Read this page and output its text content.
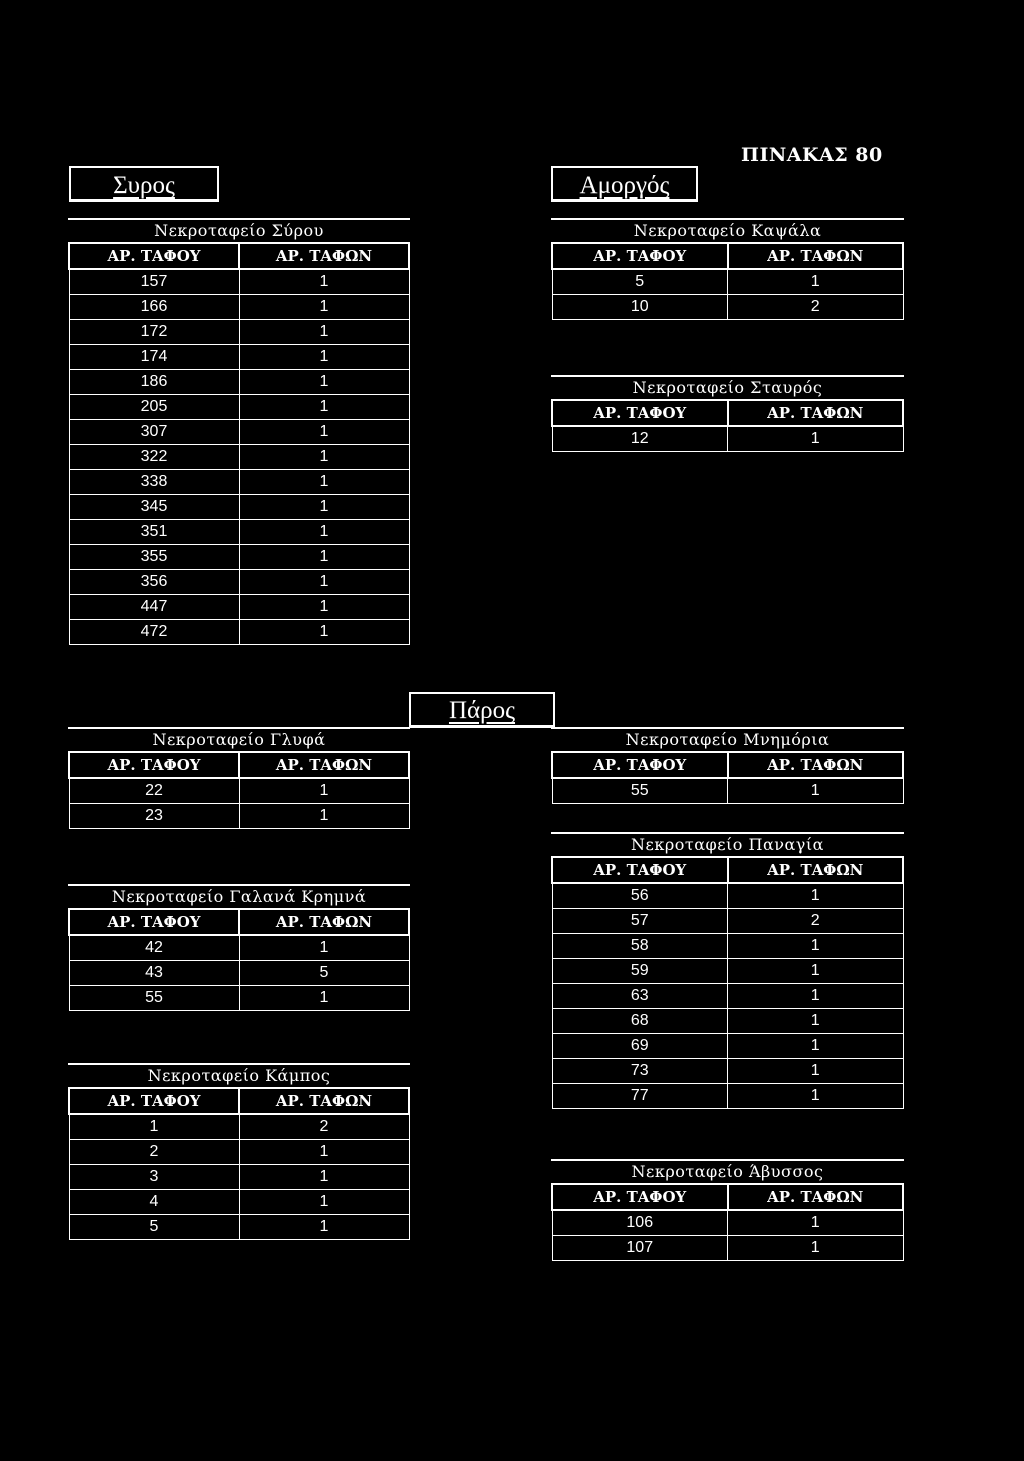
ΠΙΝΑΚΑΣ 80
Συρος	Αμοργός
Πάρος
Νεκροταφείο Σύρου
ΑΡ. ΤΑΦΟΥ	ΑΡ. ΤΑΦΩΝ
157	1
166	1
172	1
174	1
186	1
205	1
307	1
322	1
338	1
345	1
351	1
355	1
356	1
447	1
472	1
Νεκροταφείο Καψάλα
ΑΡ. ΤΑΦΟΥ	ΑΡ. ΤΑΦΩΝ
5	1
10	2
Νεκροταφείο Σταυρός
ΑΡ. ΤΑΦΟΥ	ΑΡ. ΤΑΦΩΝ
12	1
Νεκροταφείο Γλυφά
ΑΡ. ΤΑΦΟΥ	ΑΡ. ΤΑΦΩΝ
22	1
23	1
Νεκροταφείο Γαλανά Κρημνά
ΑΡ. ΤΑΦΟΥ	ΑΡ. ΤΑΦΩΝ
42	1
43	5
55	1
Νεκροταφείο Κάμπος
ΑΡ. ΤΑΦΟΥ	ΑΡ. ΤΑΦΩΝ
1	2
2	1
3	1
4	1
5	1
Νεκροταφείο Μνημόρια
ΑΡ. ΤΑΦΟΥ	ΑΡ. ΤΑΦΩΝ
55	1
Νεκροταφείο Παναγία
ΑΡ. ΤΑΦΟΥ	ΑΡ. ΤΑΦΩΝ
56	1
57	2
58	1
59	1
63	1
68	1
69	1
73	1
77	1
Νεκροταφείο Άβυσσος
ΑΡ. ΤΑΦΟΥ	ΑΡ. ΤΑΦΩΝ
106	1
107	1
